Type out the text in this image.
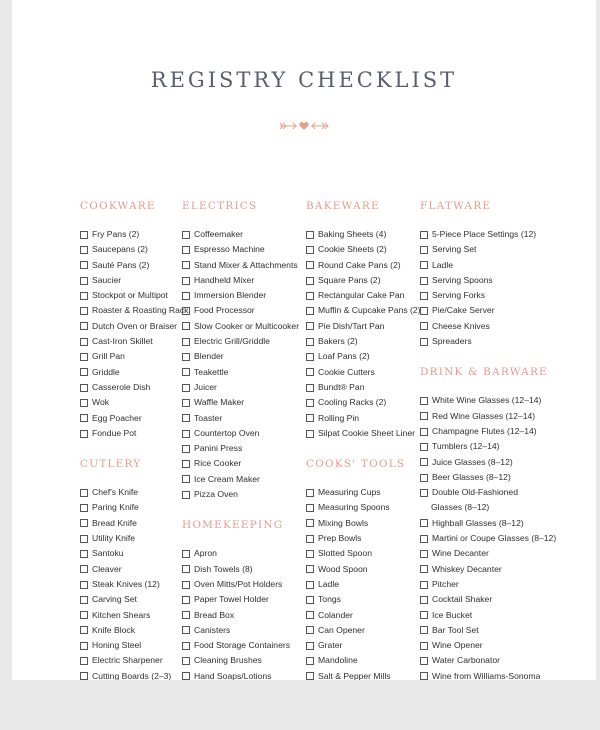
REGISTRY CHECKLIST
COOKWARE
Fry Pans (2)
Saucepans (2)
Sauté Pans (2)
Saucier
Stockpot or Multipot
Roaster & Roasting Rack
Dutch Oven or Braiser
Cast-Iron Skillet
Grill Pan
Griddle
Casserole Dish
Wok
Egg Poacher
Fondue Pot
CUTLERY
Chef's Knife
Paring Knife
Bread Knife
Utility Knife
Santoku
Cleaver
Steak Knives (12)
Carving Set
Kitchen Shears
Knife Block
Honing Steel
Electric Sharpener
Cutting Boards (2–3)
ELECTRICS
Coffeemaker
Espresso Machine
Stand Mixer & Attachments
Handheld Mixer
Immersion Blender
Food Processor
Slow Cooker or Multicooker
Electric Grill/Griddle
Blender
Teakettle
Juicer
Waffle Maker
Toaster
Countertop Oven
Panini Press
Rice Cooker
Ice Cream Maker
Pizza Oven
HOMEKEEPING
Apron
Dish Towels (8)
Oven Mitts/Pot Holders
Paper Towel Holder
Bread Box
Canisters
Food Storage Containers
Cleaning Brushes
Hand Soaps/Lotions
BAKEWARE
Baking Sheets (4)
Cookie Sheets (2)
Round Cake Pans (2)
Square Pans (2)
Rectangular Cake Pan
Muffin & Cupcake Pans (2)
Pie Dish/Tart Pan
Bakers (2)
Loaf Pans (2)
Cookie Cutters
Bundt® Pan
Cooling Racks (2)
Rolling Pin
Silpat Cookie Sheet Liner
COOKS' TOOLS
Measuring Cups
Measuring Spoons
Mixing Bowls
Prep Bowls
Slotted Spoon
Wood Spoon
Ladle
Tongs
Colander
Can Opener
Grater
Mandoline
Salt & Pepper Mills
FLATWARE
5-Piece Place Settings (12)
Serving Set
Ladle
Serving Spoons
Serving Forks
Pie/Cake Server
Cheese Knives
Spreaders
DRINK & BARWARE
White Wine Glasses (12–14)
Red Wine Glasses (12–14)
Champagne Flutes (12–14)
Tumblers (12–14)
Juice Glasses (8–12)
Beer Glasses (8–12)
Double Old-Fashioned
Glasses (8–12)
Highball Glasses (8–12)
Martini or Coupe Glasses (8–12)
Wine Decanter
Whiskey Decanter
Pitcher
Cocktail Shaker
Ice Bucket
Bar Tool Set
Wine Opener
Water Carbonator
Wine from Williams-Sonoma
